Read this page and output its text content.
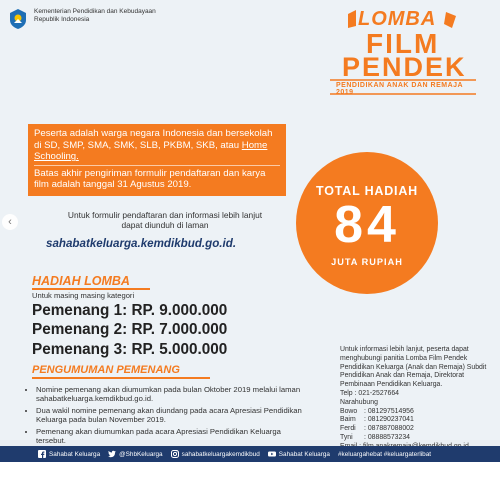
Kementerian Pendidikan dan Kebudayaan
Republik Indonesia	LOMBA
FILM
PENDEK
PENDIDIKAN ANAK DAN REMAJA 2019

Peserta adalah warga negara Indonesia dan bersekolah di SD, SMP, SMA, SMK, SLB, PKBM, SKB, atau Home Schooling.

Batas akhir pengiriman formulir pendaftaran dan karya film adalah tanggal 31 Agustus 2019.

Untuk formulir pendaftaran dan informasi lebih lanjut dapat diunduh di laman
sahabatkeluarga.kemdikbud.go.id.
TOTAL HADIAH
84
JUTA RUPIAH
HADIAH LOMBA
Untuk masing masing kategori
Pemenang 1: RP. 9.000.000
Pemenang 2: RP. 7.000.000
Pemenang 3: RP. 5.000.000
PENGUMUMAN PEMENANG
• Nomine pemenang akan diumumkan pada bulan Oktober 2019 melalui laman sahabatkeluarga.kemdikbud.go.id.
• Dua wakil nomine pemenang akan diundang pada acara Apresiasi Pendidikan Keluarga pada bulan November 2019.
• Pemenang akan diumumkan pada acara Apresiasi Pendidikan Keluarga tersebut.

Untuk informasi lebih lanjut, peserta dapat menghubungi panitia Lomba Film Pendek Pendidikan Keluarga (Anak dan Remaja) Subdit Pendidikan Anak dan Remaja, Direktorat Pembinaan Pendidikan Keluarga.

Telp : 021-2527664

Narahubung

Bowo : 081297514956
Baim	: 081290237041
Ferdi	: 087887088002
Tyni	: 08888573234

Sahabat Keluarga	@ShbKeluarga	sahabatkeluargakemdikbud	Sahabat Keluarga #keluargahebat #keluargaterlibat
‹
